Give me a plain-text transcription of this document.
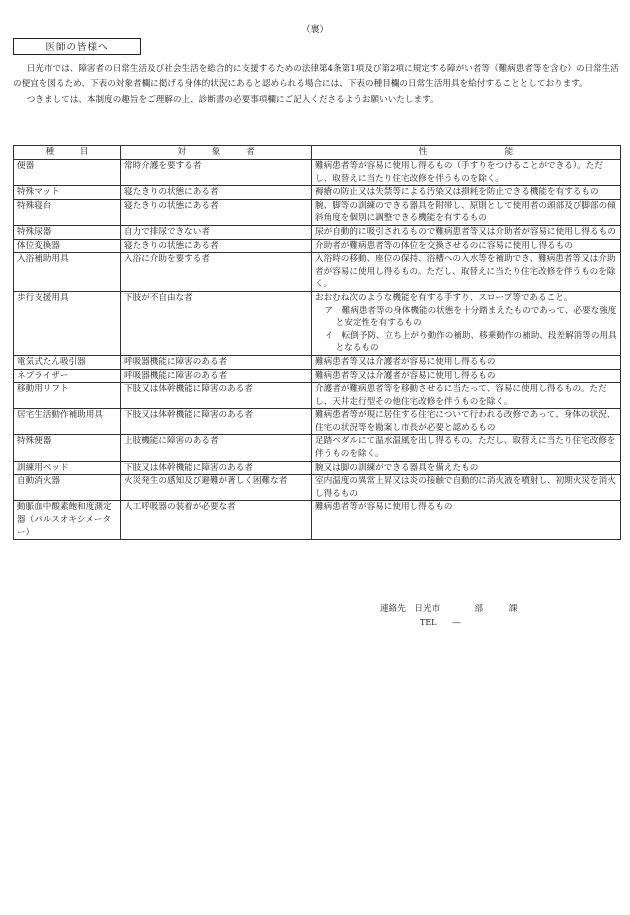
（裏）
医師の皆様へ

日光市では、障害者の日常生活及び社会生活を総合的に支援するための法律第4条第1項及び第2項に規定する障がい者等（難病患者等を含む）の日常生活の便宜を図るため、下表の対象者欄に掲げる身体的状況にあると認められる場合には、下表の種目欄の日常生活用具を給付することとしております。

つきましては、本制度の趣旨をご理解の上、診断書の必要事項欄にご記入くださるようお願いいたします。

種　　　目	対　　　象　　　者	性　　　　　　　　　能
便器	常時介護を要する者	難病患者等が容易に使用し得るもの（手すりをつけることができる）。ただし、取替えに当たり住宅改修を伴うものを除く。
特殊マット	寝たきりの状態にある者	褥瘡の防止又は失禁等による汚染又は損耗を防止できる機能を有するもの
特殊寝台	寝たきりの状態にある者	腕、脚等の訓練のできる器具を附帯し、原則として使用者の頭部及び脚部の傾斜角度を個別に調整できる機能を有するもの
特殊尿器	自力で排尿できない者	尿が自動的に吸引されるもので難病患者等又は介助者が容易に使用し得るもの
体位変換器	寝たきりの状態にある者	介助者が難病患者等の体位を交換させるのに容易に使用し得るもの
入浴補助用具	入浴に介助を要する者	入浴時の移動、座位の保持、浴槽への入水等を補助でき、難病患者等又は介助者が容易に使用し得るもの。ただし、取替えに当たり住宅改修を伴うものを除く。
歩行支援用具	下肢が不自由な者	おおむね次のような機能を有する手すり、スロープ等であること。
ア　難病患者等の身体機能の状態を十分踏まえたものであって、必要な強度と安定性を有するもの
イ　転倒予防、立ち上がり動作の補助、移乗動作の補助、段差解消等の用具となるもの

電気式たん吸引器	呼吸器機能に障害のある者	難病患者等又は介護者が容易に使用し得るもの
ネブライザー	呼吸器機能に障害のある者	難病患者等又は介護者が容易に使用し得るもの
移動用リフト	下肢又は体幹機能に障害のある者	介護者が難病患者等を移動させるに当たって、容易に使用し得るもの。ただし、天井走行型その他住宅改修を伴うものを除く。
居宅生活動作補助用具	下肢又は体幹機能に障害のある者	難病患者等が現に居住する住宅について行われる改修であって、身体の状況、住宅の状況等を勘案し市長が必要と認めるもの
特殊便器	上肢機能に障害のある者	足踏ペダルにて温水温風を出し得るもの。ただし、取替えに当たり住宅改修を伴うものを除く。
訓練用ベッド	下肢又は体幹機能に障害のある者	腕又は脚の訓練ができる器具を備えたもの
自動消火器	火災発生の感知及び避難が著しく困難な者	室内温度の異常上昇又は炎の接触で自動的に消火液を噴射し、初期火災を消火し得るもの
動脈血中酸素飽和度測定器（パルスオキシメーター）	人工呼吸器の装着が必要な者	難病患者等が容易に使用し得るもの
連絡先　日光市　　　　部　　　課
TEL　　―
